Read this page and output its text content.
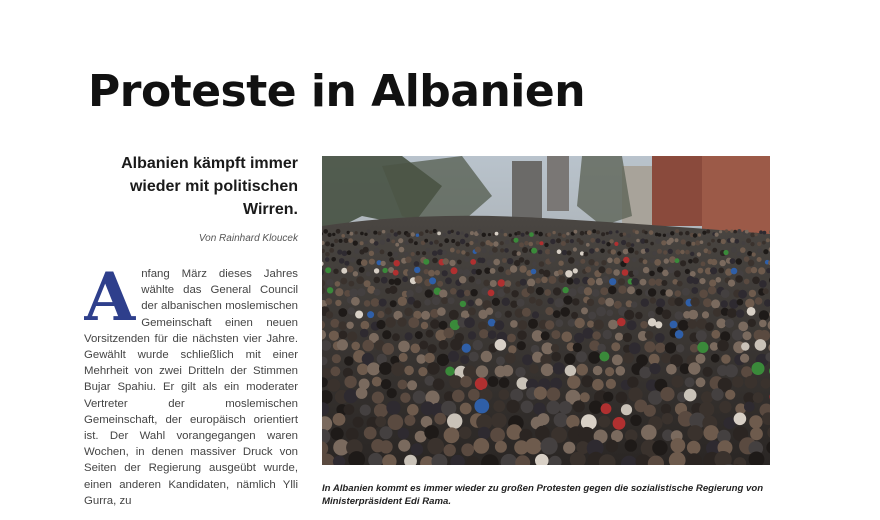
Proteste in Albanien

Albanien kämpft immer wieder mit politischen Wirren.

Von Rainhard Kloucek

Anfang März dieses Jahres wählte das General Council der albanischen moslemischen Gemeinschaft einen neuen Vorsitzenden für die nächsten vier Jahre. Gewählt wurde schließlich mit einer Mehrheit von zwei Dritteln der Stimmen Bujar Spahiu. Er gilt als ein moderater Vertreter der moslemischen Gemeinschaft, der europäisch orientiert ist. Der Wahl vorangegangen waren Wochen, in denen massiver Druck von Seiten der Regierung ausgeübt wurde, einen anderen Kandidaten, nämlich Ylli Gurra, zu

In Albanien kommt es immer wieder zu großen Protesten gegen die sozialistische Regierung von Ministerpräsident Edi Rama.
